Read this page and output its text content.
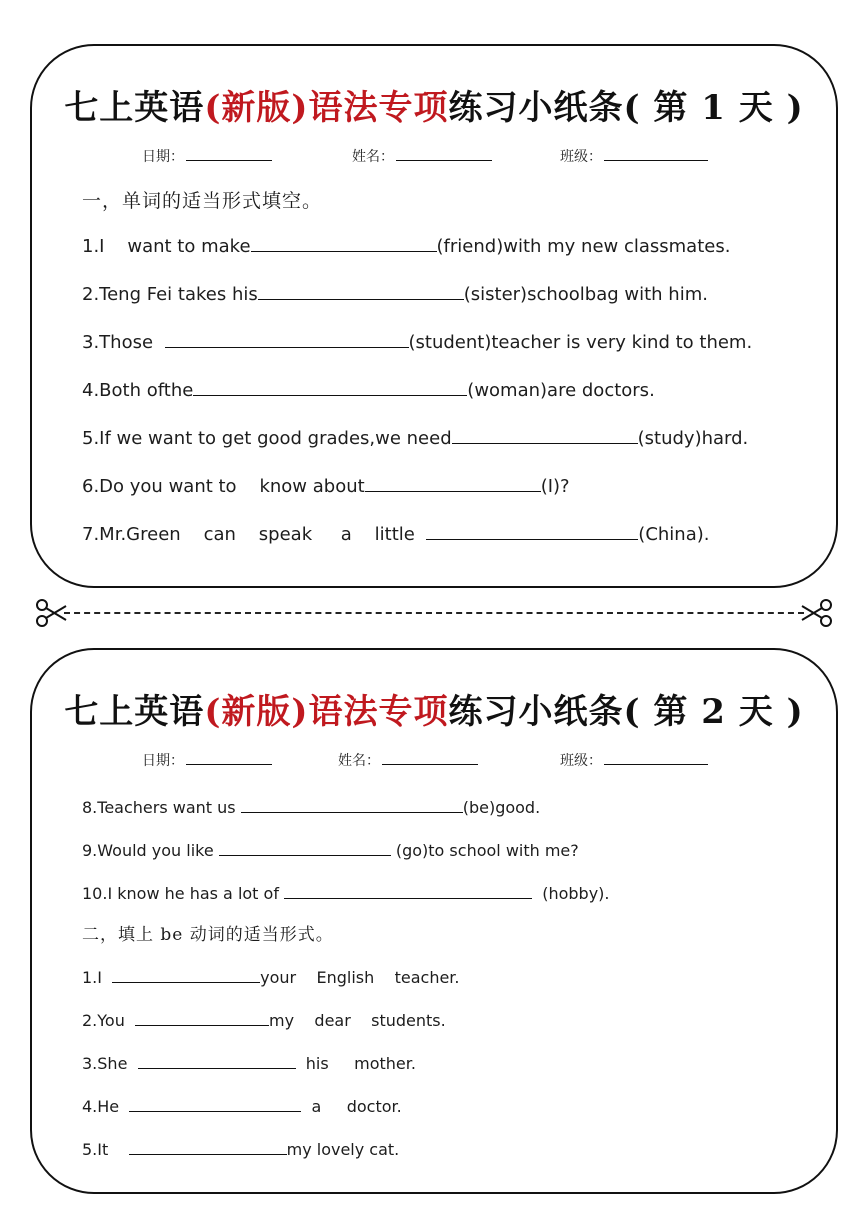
七上英语(新版)语法专项练习小纸条( 第 1 天 )
日期：	姓名：	班级：
一，单词的适当形式填空。
1.I    want to make	(friend)with my new classmates.
2.Teng Fei takes his	(sister)schoolbag with him.
3.Those	(student)teacher is very kind to them.
4.Both ofthe	(woman)are doctors.
5.If we want to get good grades,we need	(study)hard.
6.Do you want to    know about	(I)?
7.Mr.Green    can    speak     a    little	(China).
七上英语(新版)语法专项练习小纸条( 第 2 天 )
日期：	姓名：	班级：
8.Teachers want us	(be)good.
9.Would you like	(go)to school with me?
10.I know he has a lot of	(hobby).
二，填上 be 动词的适当形式。
1.I	your    English    teacher.
2.You	my    dear    students.
3.She	his     mother.
4.He	a     doctor.
5.It	my lovely cat.
